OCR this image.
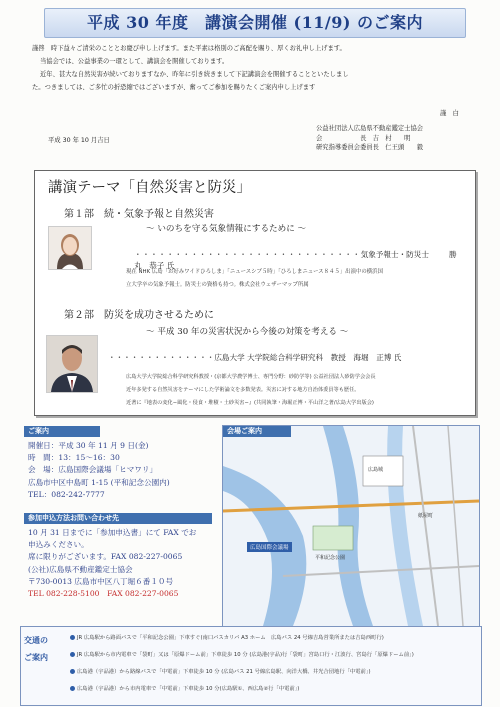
平成 30 年度　講演会開催 (11/9) のご案内
謹啓　時下益々ご清栄のこととお慶び申し上げます。また平素は格別のご高配を賜り、厚くお礼申し上げます。
当協会では、公益事業の一環として、講演会を開催しております。
近年、甚大な自然災害が続いておりますなか、昨年に引き続きまして下記講演会を開催することといたしまし
た。つきましては、ご多忙の折恐縮ではございますが、奮ってご参加を賜りたくご案内申し上げます
謹　白
平成 30 年 10 月吉日
公益社団法人広島県不動産鑑定士協会
会　　　　　　長　 吉　村　　明
研究指導委員会委員長　 仁王頭　　毅
講演テーマ「自然災害と防災」
第１部　続・気象予報と自然災害
～ いのちを守る気象情報にするために ～
・・・・・・・・・・・・・・・・・・・・・・・・・・・・気象予報士・防災士	勝丸　恭子 氏
現在 NHK 広島「お好みワイドひろしま」「ニュースシブ５時」「ひろしまニュース８４５」出演中の横浜国
立大学卒の気象予報士。防災士の資格も持つ。株式会社ウェザーマップ所属
第２部　防災を成功させるために
～ 平成 30 年の災害状況から今後の対策を考える ～
・・・・・・・・・・・・・・広島大学 大学院総合科学研究科　教授　 海堀　正博 氏
広島大学大学院総合科学研究科教授・(京都大学農学博士、専門分野：砂防学等) 公益社団法人砂防学会会長
近年多発する自然災害をテーマにした学術論文を多数発表。災害に対する地方自治体委員等も歴任。
近著に『地表の変化−風化・侵食・堆積・土砂災害−』(共同執筆・海堀正博・平山洋之著/広島大学出版会)
ご案内
開催日：平成 30 年 11 月 9 日(金)
時　間：13：15～16：30
会　場：広島国際会議場「ヒマワリ」
広島市中区中島町 1-15 (平和記念公園内)
TEL：082-242-7777
参加申込方法お問い合わせ先
10 月 31 日までに「参加申込書」にて FAX でお
申込みください。
席に限りがございます。FAX 082-227-0065
(公社)広島県不動産鑑定士協会
〒730-0013 広島市中区八丁堀６番１０号
TEL 082-228-5100　FAX 082-227-0065
会場ご案内
広島城
紙屋町
平和記念公園
広島国際会議場
交通の
ご案内
JR 広島駅から路面バスで「平和記念公園」下車すぐ(南口バスカリバ A3 ホーム　広島バス 24 号線吉島営業所または吉島西町行)
JR 広島駅から市内電車で「袋町」又は「原爆ドーム前」下車徒歩 10 分 (広島港(宇品)行「袋町」宮島口行・江波行、宮島行「原爆ドーム前」)
広島港（宇品港）から路線バスで「中電前」下車徒歩 10 分 (広島バス 21 号線広島駅、向洋大橋、井光合団地行「中電前」)
広島港（宇品港）から市内電車で「中電前」下車徒歩 10 分(広島駅①、西広島②行「中電前」)
